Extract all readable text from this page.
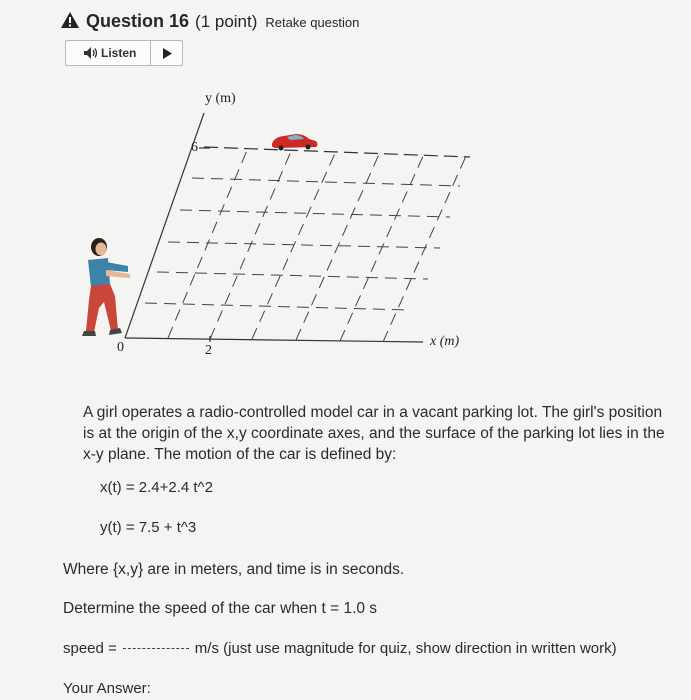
Question 16 (1 point) Retake question
Listen
y (m)
6
0	2
x (m)
A girl operates a radio-controlled model car in a vacant parking lot. The girl's position
is at the origin of the x,y coordinate axes, and the surface of the parking lot lies in the
x-y plane. The motion of the car is defined by:
x(t) = 2.4+2.4 t^2
y(t) = 7.5 + t^3
Where {x,y} are in meters, and time is in seconds.
Determine the speed of the car when t = 1.0 s
speed =	m/s (just use magnitude for quiz, show direction in written work)
Your Answer:
